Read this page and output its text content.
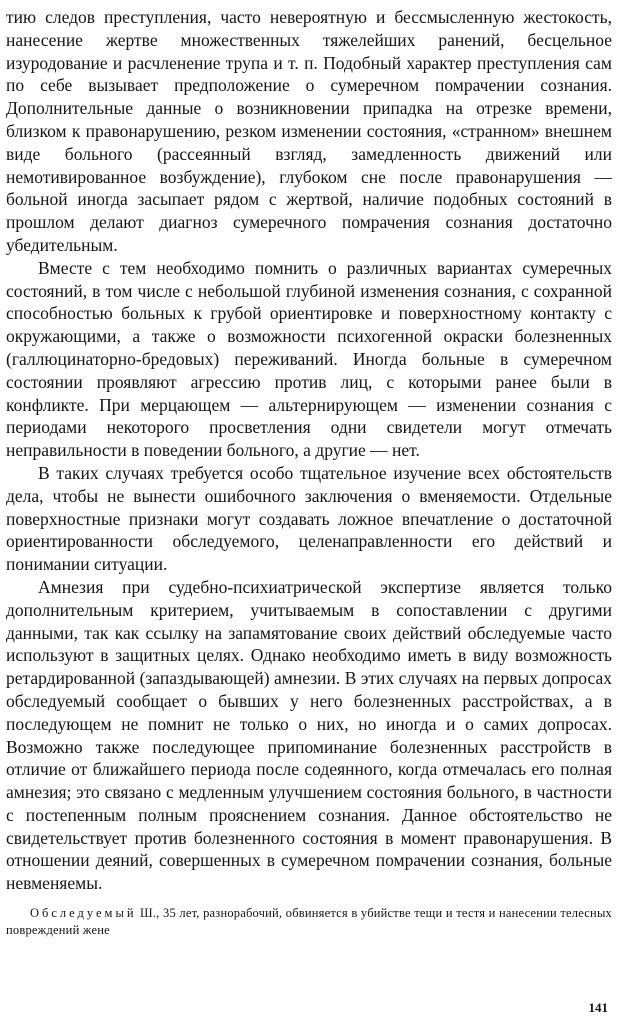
тию следов преступления, часто невероятную и бессмысленную жестокость, нанесение жертве множественных тяжелейших ранений, бесцельное изуродование и расчленение трупа и т. п. Подобный характер преступления сам по себе вызывает предположение о сумеречном помрачении сознания. Дополнительные данные о возникновении припадка на отрезке времени, близком к правонарушению, резком изменении состояния, «странном» внешнем виде больного (рассеянный взгляд, замедленность движений или немотивированное возбуждение), глубоком сне после правонарушения — больной иногда засыпает рядом с жертвой, наличие подобных состояний в прошлом делают диагноз сумеречного помрачения сознания достаточно убедительным.

Вместе с тем необходимо помнить о различных вариантах сумеречных состояний, в том числе с небольшой глубиной изменения сознания, с сохранной способностью больных к грубой ориентировке и поверхностному контакту с окружающими, а также о возможности психогенной окраски болезненных (галлюцинаторно-бредовых) переживаний. Иногда больные в сумеречном состоянии проявляют агрессию против лиц, с которыми ранее были в конфликте. При мерцающем — альтернирующем — изменении сознания с периодами некоторого просветления одни свидетели могут отмечать неправильности в поведении больного, а другие — нет.

В таких случаях требуется особо тщательное изучение всех обстоятельств дела, чтобы не вынести ошибочного заключения о вменяемости. Отдельные поверхностные признаки могут создавать ложное впечатление о достаточной ориентированности обследуемого, целенаправленности его действий и понимании ситуации.

Амнезия при судебно-психиатрической экспертизе является только дополнительным критерием, учитываемым в сопоставлении с другими данными, так как ссылку на запамятование своих действий обследуемые часто используют в защитных целях. Однако необходимо иметь в виду возможность ретардированной (запаздывающей) амнезии. В этих случаях на первых допросах обследуемый сообщает о бывших у него болезненных расстройствах, а в последующем не помнит не только о них, но иногда и о самих допросах. Возможно также последующее припоминание болезненных расстройств в отличие от ближайшего периода после содеянного, когда отмечалась его полная амнезия; это связано с медленным улучшением состояния больного, в частности с постепенным полным прояснением сознания. Данное обстоятельство не свидетельствует против болезненного состояния в момент правонарушения. В отношении деяний, совершенных в сумеречном помрачении сознания, больные невменяемы.

Обследуемый Ш., 35 лет, разнорабочий, обвиняется в убийстве тещи и тестя и нанесении телесных повреждений жене

141
